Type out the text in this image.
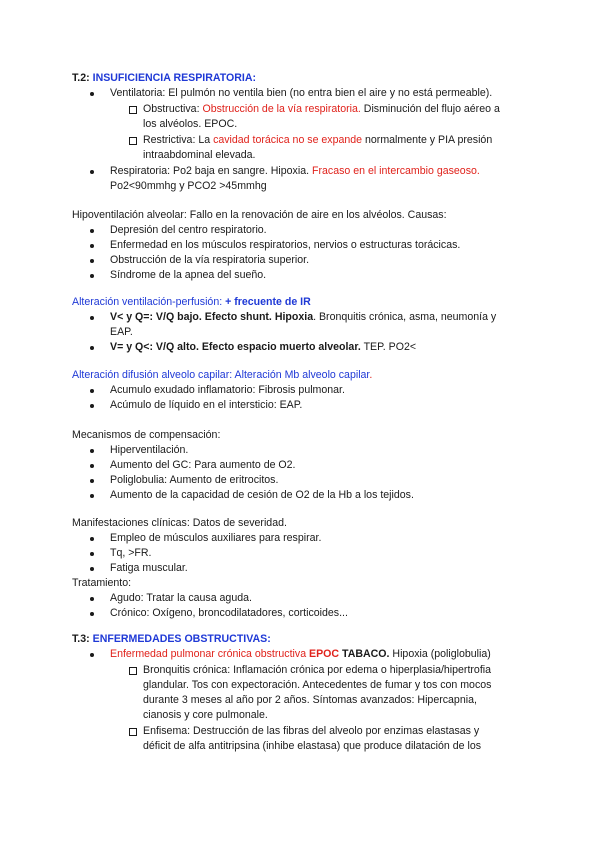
T.2: INSUFICIENCIA RESPIRATORIA:
Ventilatoria: El pulmón no ventila bien (no entra bien el aire y no está permeable).
Obstructiva: Obstrucción de la vía respiratoria. Disminución del flujo aéreo a
los alvéolos. EPOC.
Restrictiva: La cavidad torácica no se expande normalmente y PIA presión
intraabdominal elevada.
Respiratoria: Po2 baja en sangre. Hipoxia. Fracaso en el intercambio gaseoso.
Po2<90mmhg y PCO2 >45mmhg
Hipoventilación alveolar: Fallo en la renovación de aire en los alvéolos. Causas:
Depresión del centro respiratorio.
Enfermedad en los músculos respiratorios, nervios o estructuras torácicas.
Obstrucción de la vía respiratoria superior.
Síndrome de la apnea del sueño.
Alteración ventilación-perfusión: + frecuente de IR
V< y Q=: V/Q bajo. Efecto shunt. Hipoxia. Bronquitis crónica, asma, neumonía y
EAP.
V= y Q<: V/Q alto. Efecto espacio muerto alveolar. TEP. PO2<
Alteración difusión alveolo capilar: Alteración Mb alveolo capilar.
Acumulo exudado inflamatorio: Fibrosis pulmonar.
Acúmulo de líquido en el intersticio: EAP.
Mecanismos de compensación:
Hiperventilación.
Aumento del GC: Para aumento de O2.
Poliglobulia: Aumento de eritrocitos.
Aumento de la capacidad de cesión de O2 de la Hb a los tejidos.
Manifestaciones clínicas: Datos de severidad.
Empleo de músculos auxiliares para respirar.
Tq, >FR.
Fatiga muscular.
Tratamiento:
Agudo: Tratar la causa aguda.
Crónico: Oxígeno, broncodilatadores, corticoides...
T.3: ENFERMEDADES OBSTRUCTIVAS:
Enfermedad pulmonar crónica obstructiva EPOC TABACO. Hipoxia (poliglobulia)
Bronquitis crónica: Inflamación crónica por edema o hiperplasia/hipertrofia
glandular. Tos con expectoración. Antecedentes de fumar y tos con mocos
durante 3 meses al año por 2 años. Síntomas avanzados: Hipercapnia,
cianosis y core pulmonale.
Enfisema: Destrucción de las fibras del alveolo por enzimas elastasas y
déficit de alfa antitripsina (inhibe elastasa) que produce dilatación de los
